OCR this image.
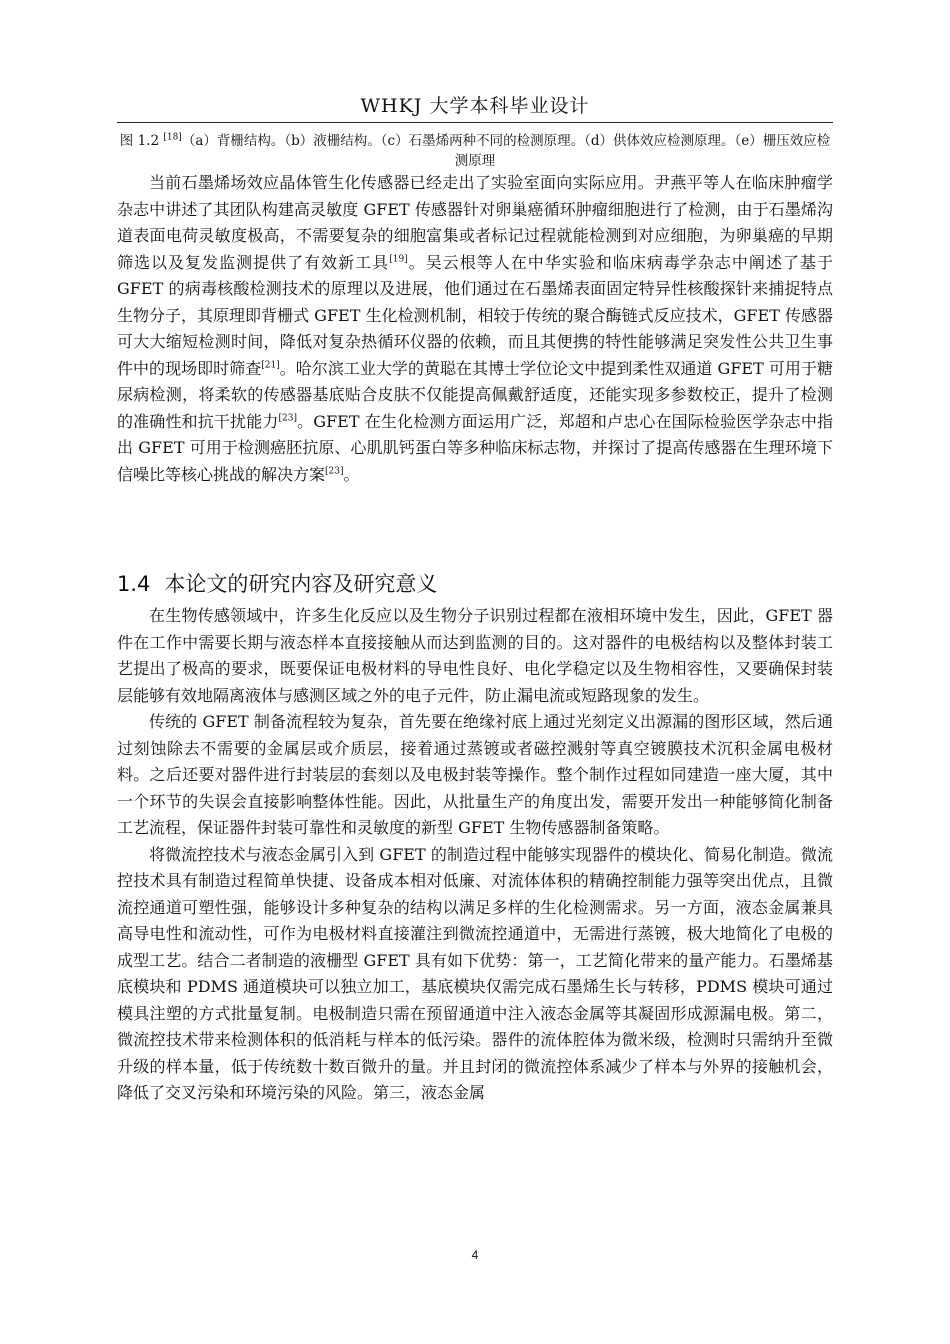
WHKJ 大学本科毕业设计
图 1.2 [18]（a）背栅结构。（b）液栅结构。（c）石墨烯两种不同的检测原理。（d）供体效应检测原理。（e）栅压效应检测原理

当前石墨烯场效应晶体管生化传感器已经走出了实验室面向实际应用。尹燕平等人在临床肿瘤学杂志中讲述了其团队构建高灵敏度 GFET 传感器针对卵巢癌循环肿瘤细胞进行了检测，由于石墨烯沟道表面电荷灵敏度极高，不需要复杂的细胞富集或者标记过程就能检测到对应细胞，为卵巢癌的早期筛选以及复发监测提供了有效新工具[19]。吴云根等人在中华实验和临床病毒学杂志中阐述了基于 GFET 的病毒核酸检测技术的原理以及进展，他们通过在石墨烯表面固定特异性核酸探针来捕捉特点生物分子，其原理即背栅式 GFET 生化检测机制，相较于传统的聚合酶链式反应技术，GFET 传感器可大大缩短检测时间，降低对复杂热循环仪器的依赖，而且其便携的特性能够满足突发性公共卫生事件中的现场即时筛查[21]。哈尔滨工业大学的黄聪在其博士学位论文中提到柔性双通道 GFET 可用于糖尿病检测，将柔软的传感器基底贴合皮肤不仅能提高佩戴舒适度，还能实现多参数校正，提升了检测的准确性和抗干扰能力[23]。GFET 在生化检测方面运用广泛，郑超和卢忠心在国际检验医学杂志中指出 GFET 可用于检测癌胚抗原、心肌肌钙蛋白等多种临床标志物，并探讨了提高传感器在生理环境下信噪比等核心挑战的解决方案[23]。

1.4 本论文的研究内容及研究意义

在生物传感领域中，许多生化反应以及生物分子识别过程都在液相环境中发生，因此，GFET 器件在工作中需要长期与液态样本直接接触从而达到监测的目的。这对器件的电极结构以及整体封装工艺提出了极高的要求，既要保证电极材料的导电性良好、电化学稳定以及生物相容性，又要确保封装层能够有效地隔离液体与感测区域之外的电子元件，防止漏电流或短路现象的发生。

传统的 GFET 制备流程较为复杂，首先要在绝缘衬底上通过光刻定义出源漏的图形区域，然后通过刻蚀除去不需要的金属层或介质层，接着通过蒸镀或者磁控溅射等真空镀膜技术沉积金属电极材料。之后还要对器件进行封装层的套刻以及电极封装等操作。整个制作过程如同建造一座大厦，其中一个环节的失误会直接影响整体性能。因此，从批量生产的角度出发，需要开发出一种能够简化制备工艺流程，保证器件封装可靠性和灵敏度的新型 GFET 生物传感器制备策略。

将微流控技术与液态金属引入到 GFET 的制造过程中能够实现器件的模块化、简易化制造。微流控技术具有制造过程简单快捷、设备成本相对低廉、对流体体积的精确控制能力强等突出优点，且微流控通道可塑性强，能够设计多种复杂的结构以满足多样的生化检测需求。另一方面，液态金属兼具高导电性和流动性，可作为电极材料直接灌注到微流控通道中，无需进行蒸镀，极大地简化了电极的成型工艺。结合二者制造的液栅型 GFET 具有如下优势：第一，工艺简化带来的量产能力。石墨烯基底模块和 PDMS 通道模块可以独立加工，基底模块仅需完成石墨烯生长与转移，PDMS 模块可通过模具注塑的方式批量复制。电极制造只需在预留通道中注入液态金属等其凝固形成源漏电极。第二，微流控技术带来检测体积的低消耗与样本的低污染。器件的流体腔体为微米级，检测时只需纳升至微升级的样本量，低于传统数十数百微升的量。并且封闭的微流控体系减少了样本与外界的接触机会，降低了交叉污染和环境污染的风险。第三，液态金属

4
